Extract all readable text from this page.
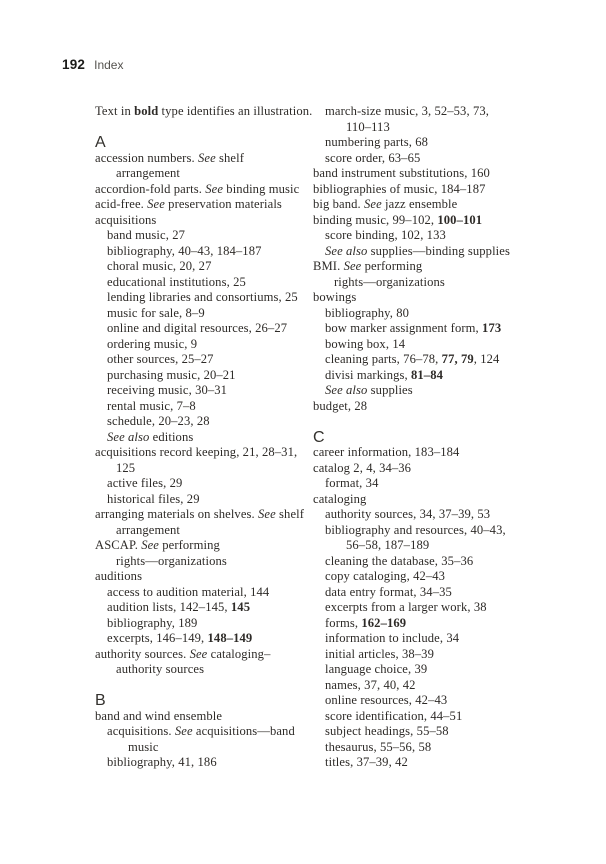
192 Index
Text in bold type identifies an illustration.
A
accession numbers. See shelf
arrangement
accordion-fold parts. See binding music
acid-free. See preservation materials
acquisitions
band music, 27
bibliography, 40–43, 184–187
choral music, 20, 27
educational institutions, 25
lending libraries and consortiums, 25
music for sale, 8–9
online and digital resources, 26–27
ordering music, 9
other sources, 25–27
purchasing music, 20–21
receiving music, 30–31
rental music, 7–8
schedule, 20–23, 28
See also editions
acquisitions record keeping, 21, 28–31,
125
active files, 29
historical files, 29
arranging materials on shelves. See shelf
arrangement
ASCAP. See performing
rights—organizations
auditions
access to audition material, 144
audition lists, 142–145, 145
bibliography, 189
excerpts, 146–149, 148–149
authority sources. See cataloging–
authority sources
B
band and wind ensemble
acquisitions. See acquisitions—band
music
bibliography, 41, 186
march-size music, 3, 52–53, 73,
110–113
numbering parts, 68
score order, 63–65
band instrument substitutions, 160
bibliographies of music, 184–187
big band. See jazz ensemble
binding music, 99–102, 100–101
score binding, 102, 133
See also supplies—binding supplies
BMI. See performing
rights—organizations
bowings
bibliography, 80
bow marker assignment form, 173
bowing box, 14
cleaning parts, 76–78, 77, 79, 124
divisi markings, 81–84
See also supplies
budget, 28
C
career information, 183–184
catalog 2, 4, 34–36
format, 34
cataloging
authority sources, 34, 37–39, 53
bibliography and resources, 40–43,
56–58, 187–189
cleaning the database, 35–36
copy cataloging, 42–43
data entry format, 34–35
excerpts from a larger work, 38
forms, 162–169
information to include, 34
initial articles, 38–39
language choice, 39
names, 37, 40, 42
online resources, 42–43
score identification, 44–51
subject headings, 55–58
thesaurus, 55–56, 58
titles, 37–39, 42
